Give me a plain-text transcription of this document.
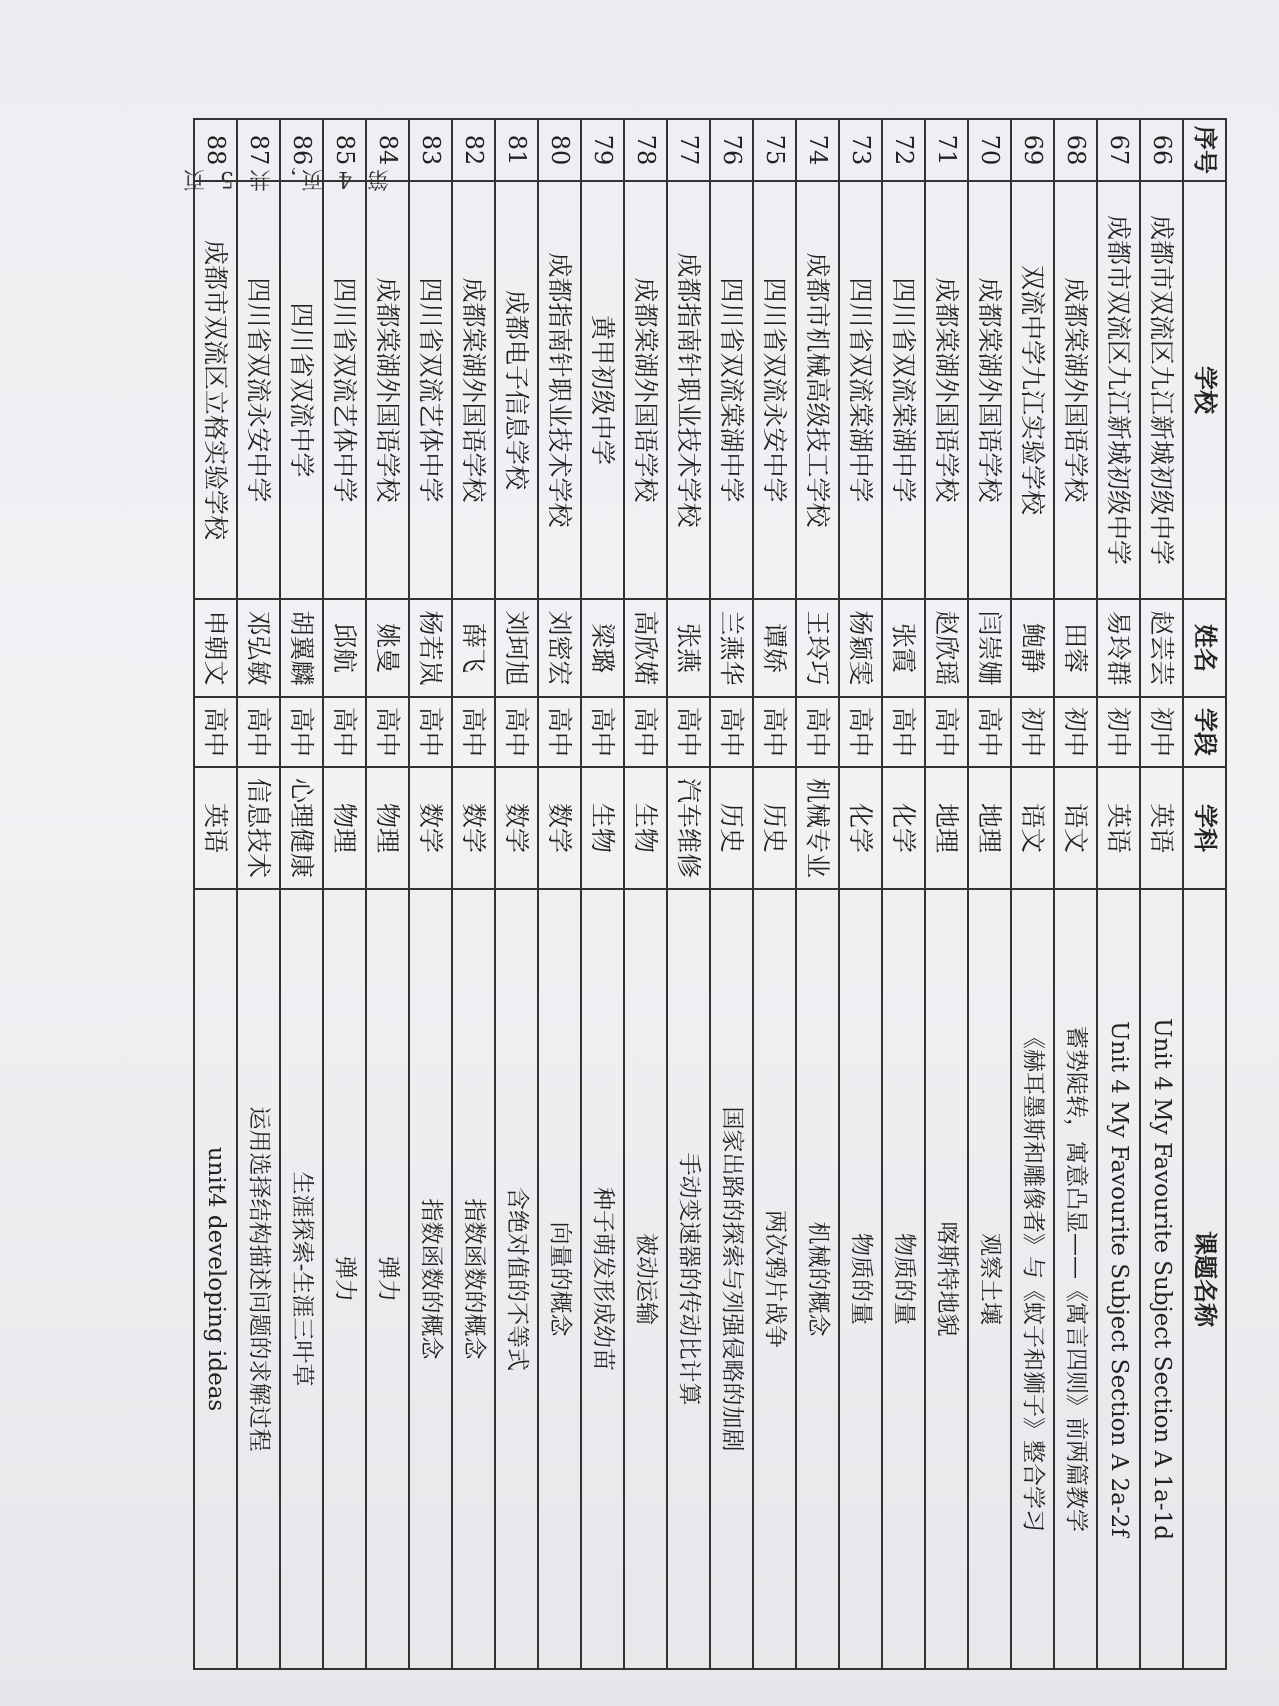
序号	学校	姓名	学段	学科	课题名称
66	成都市双流区九江新城初级中学	赵芸芸	初中	英语	Unit 4 My Favourite Subject Section A 1a-1d
67	成都市双流区九江新城初级中学	易玲群	初中	英语	Unit 4 My Favourite Subject Section A 2a-2f
68	成都棠湖外国语学校	田蓉	初中	语文	蓄势陡转，寓意凸显——《寓言四则》前两篇教学
69	双流中学九江实验学校	鲍静	初中	语文	《赫耳墨斯和雕像者》与《蚊子和狮子》整合学习
70	成都棠湖外国语学校	闫崇姗	高中	地理	观察土壤
71	成都棠湖外国语学校	赵欣瑶	高中	地理	喀斯特地貌
72	四川省双流棠湖中学	张霞	高中	化学	物质的量
73	四川省双流棠湖中学	杨颖雯	高中	化学	物质的量
74	成都市机械高级技工学校	王玲巧	高中	机械专业	机械的概念
75	四川省双流永安中学	谭娇	高中	历史	两次鸦片战争
76	四川省双流棠湖中学	兰燕华	高中	历史	国家出路的探索与列强侵略的加剧
77	成都指南针职业技术学校	张燕	高中	汽车维修	手动变速器的传动比计算
78	成都棠湖外国语学校	高欣婼	高中	生物	被动运输
79	黄甲初级中学	梁璐	高中	生物	种子萌发形成幼苗
80	成都指南针职业技术学校	刘密宏	高中	数学	向量的概念
81	成都电子信息学校	刘珂旭	高中	数学	含绝对值的不等式
82	成都棠湖外国语学校	薛飞	高中	数学	指数函数的概念
83	四川省双流艺体中学	杨若岚	高中	数学	指数函数的概念
84	成都棠湖外国语学校	姚曼	高中	物理	弹力
85	四川省双流艺体中学	邱航	高中	物理	弹力
86	四川省双流中学	胡翼麟	高中	心理健康	生涯探索-生涯三叶草
87	四川省双流永安中学	邓弘敏	高中	信息技术	运用选择结构描述问题的求解过程
88	成都市双流区立格实验学校	申朝文	高中	英语	unit4 developing ideas
第 4 页，共 5 页
